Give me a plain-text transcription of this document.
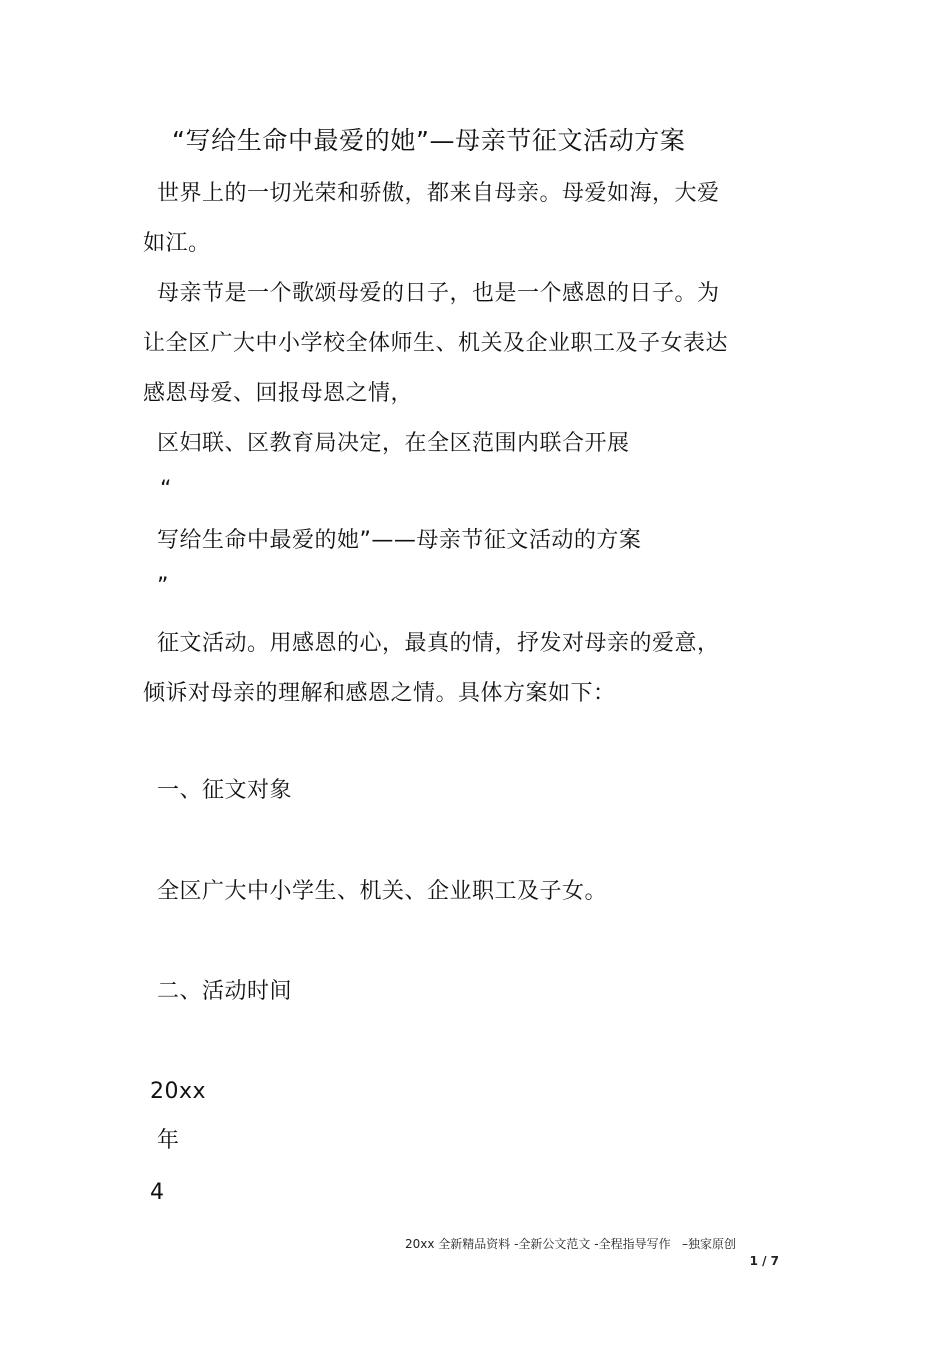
“写给生命中最爱的她”—母亲节征文活动方案
世界上的一切光荣和骄傲，都来自母亲。母爱如海，大爱
如江。
母亲节是一个歌颂母爱的日子，也是一个感恩的日子。为
让全区广大中小学校全体师生、机关及企业职工及子女表达
感恩母爱、回报母恩之情，
区妇联、区教育局决定，在全区范围内联合开展
“
写给生命中最爱的她”——母亲节征文活动的方案
”
征文活动。用感恩的心，最真的情，抒发对母亲的爱意，
倾诉对母亲的理解和感恩之情。具体方案如下：
一、征文对象
全区广大中小学生、机关、企业职工及子女。
二、活动时间
20xx
年
4
20xx 全新精品资料 -全新公文范文 -全程指导写作   –独家原创
1 / 7
